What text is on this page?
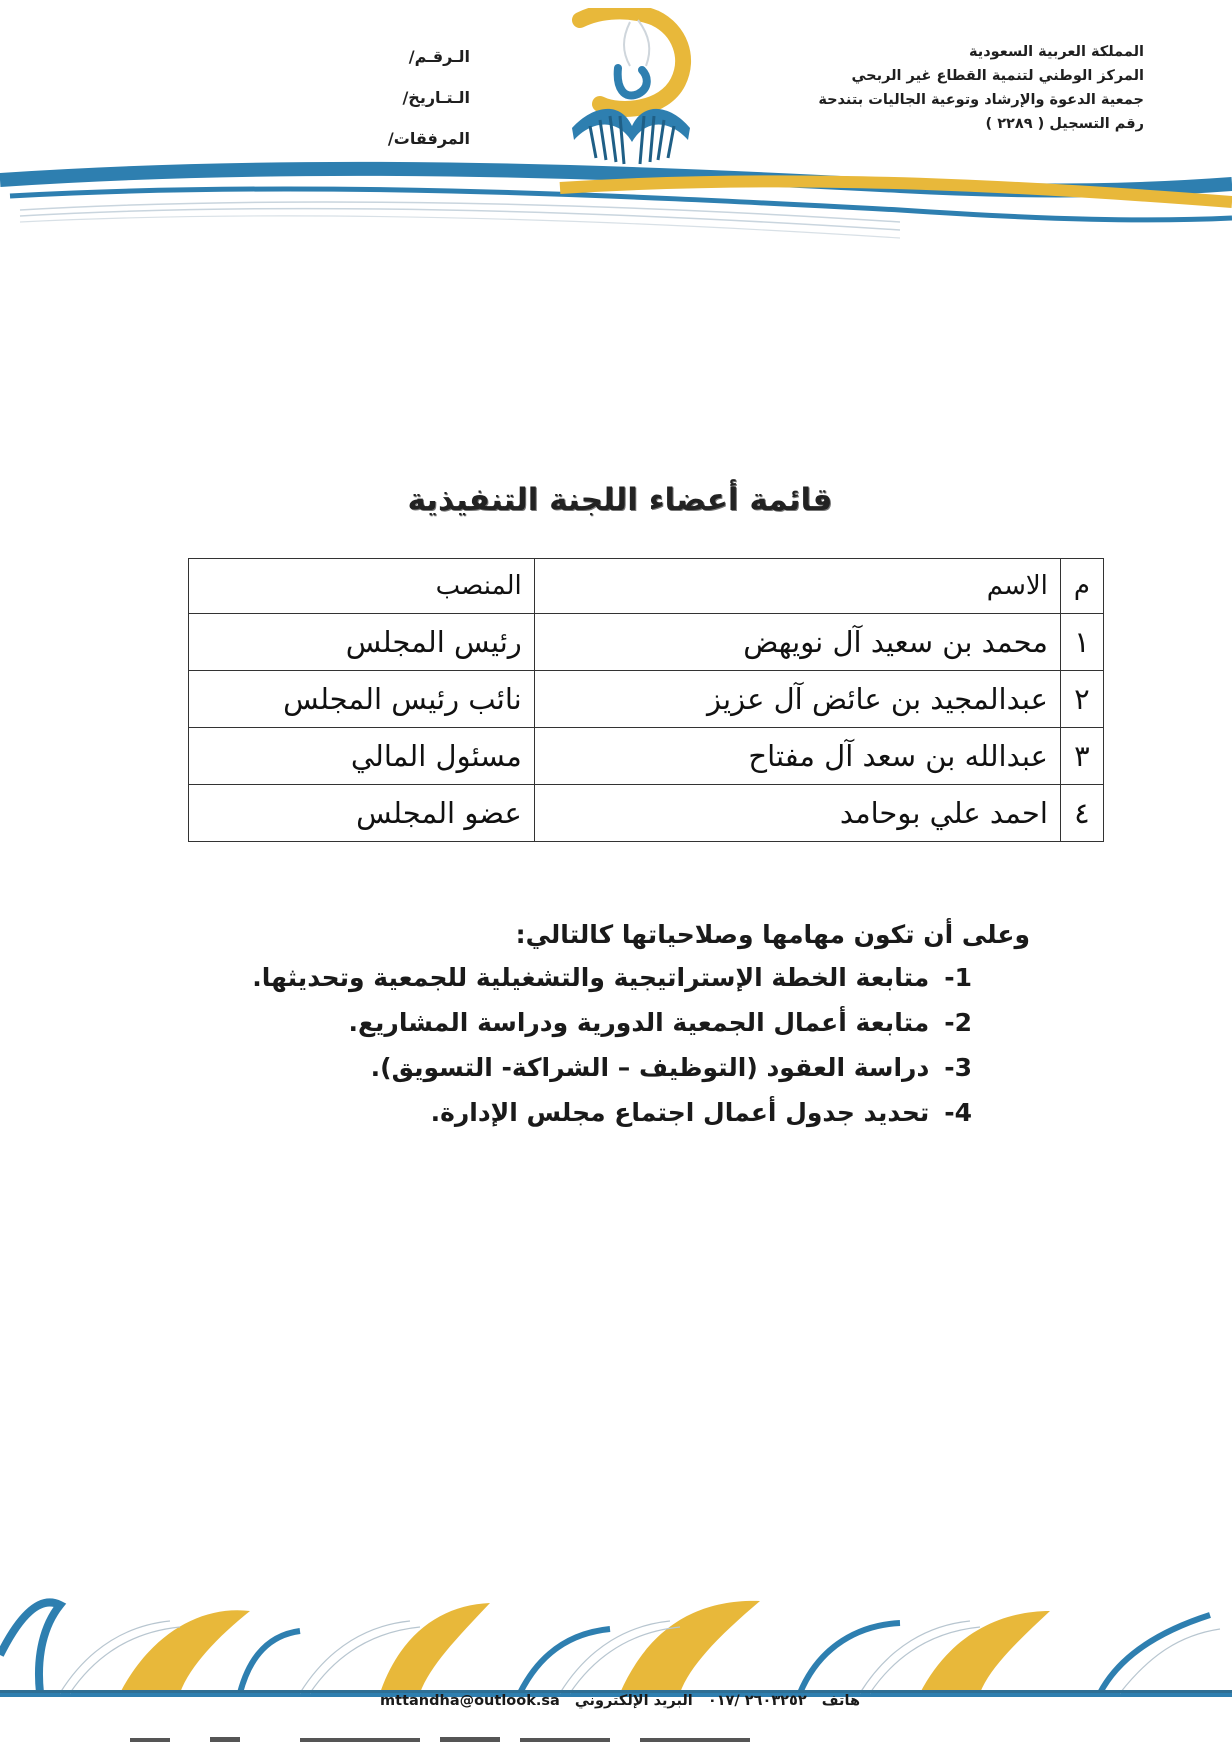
المملكة العربية السعودية
المركز الوطني لتنمية القطاع غير الربحي
جمعية الدعوة والإرشاد وتوعية الجاليات بتندحة
رقم التسجيل ( ٢٢٨٩ )
الـرقـم/
الـتـاريخ/
المرفقات/
قائمة أعضاء اللجنة التنفيذية
م	الاسم	المنصب
١	محمد بن سعيد آل نويهض	رئيس المجلس
٢	عبدالمجيد بن عائض آل عزيز	نائب رئيس المجلس
٣	عبدالله بن سعد آل مفتاح	مسئول المالي
٤	احمد علي بوحامد	عضو المجلس

وعلى أن تكون مهامها وصلاحياتها كالتالي:

1- متابعة الخطة الإستراتيجية والتشغيلية للجمعية وتحديثها.
2- متابعة أعمال الجمعية الدورية ودراسة المشاريع.
3- دراسة العقود (التوظيف – الشراكة- التسويق).
4- تحديد جدول أعمال اجتماع مجلس الإدارة.
هاتف ٢٦٠٣٢٥٢ /٠١٧ البريد الإلكتروني mttandha@outlook.sa
